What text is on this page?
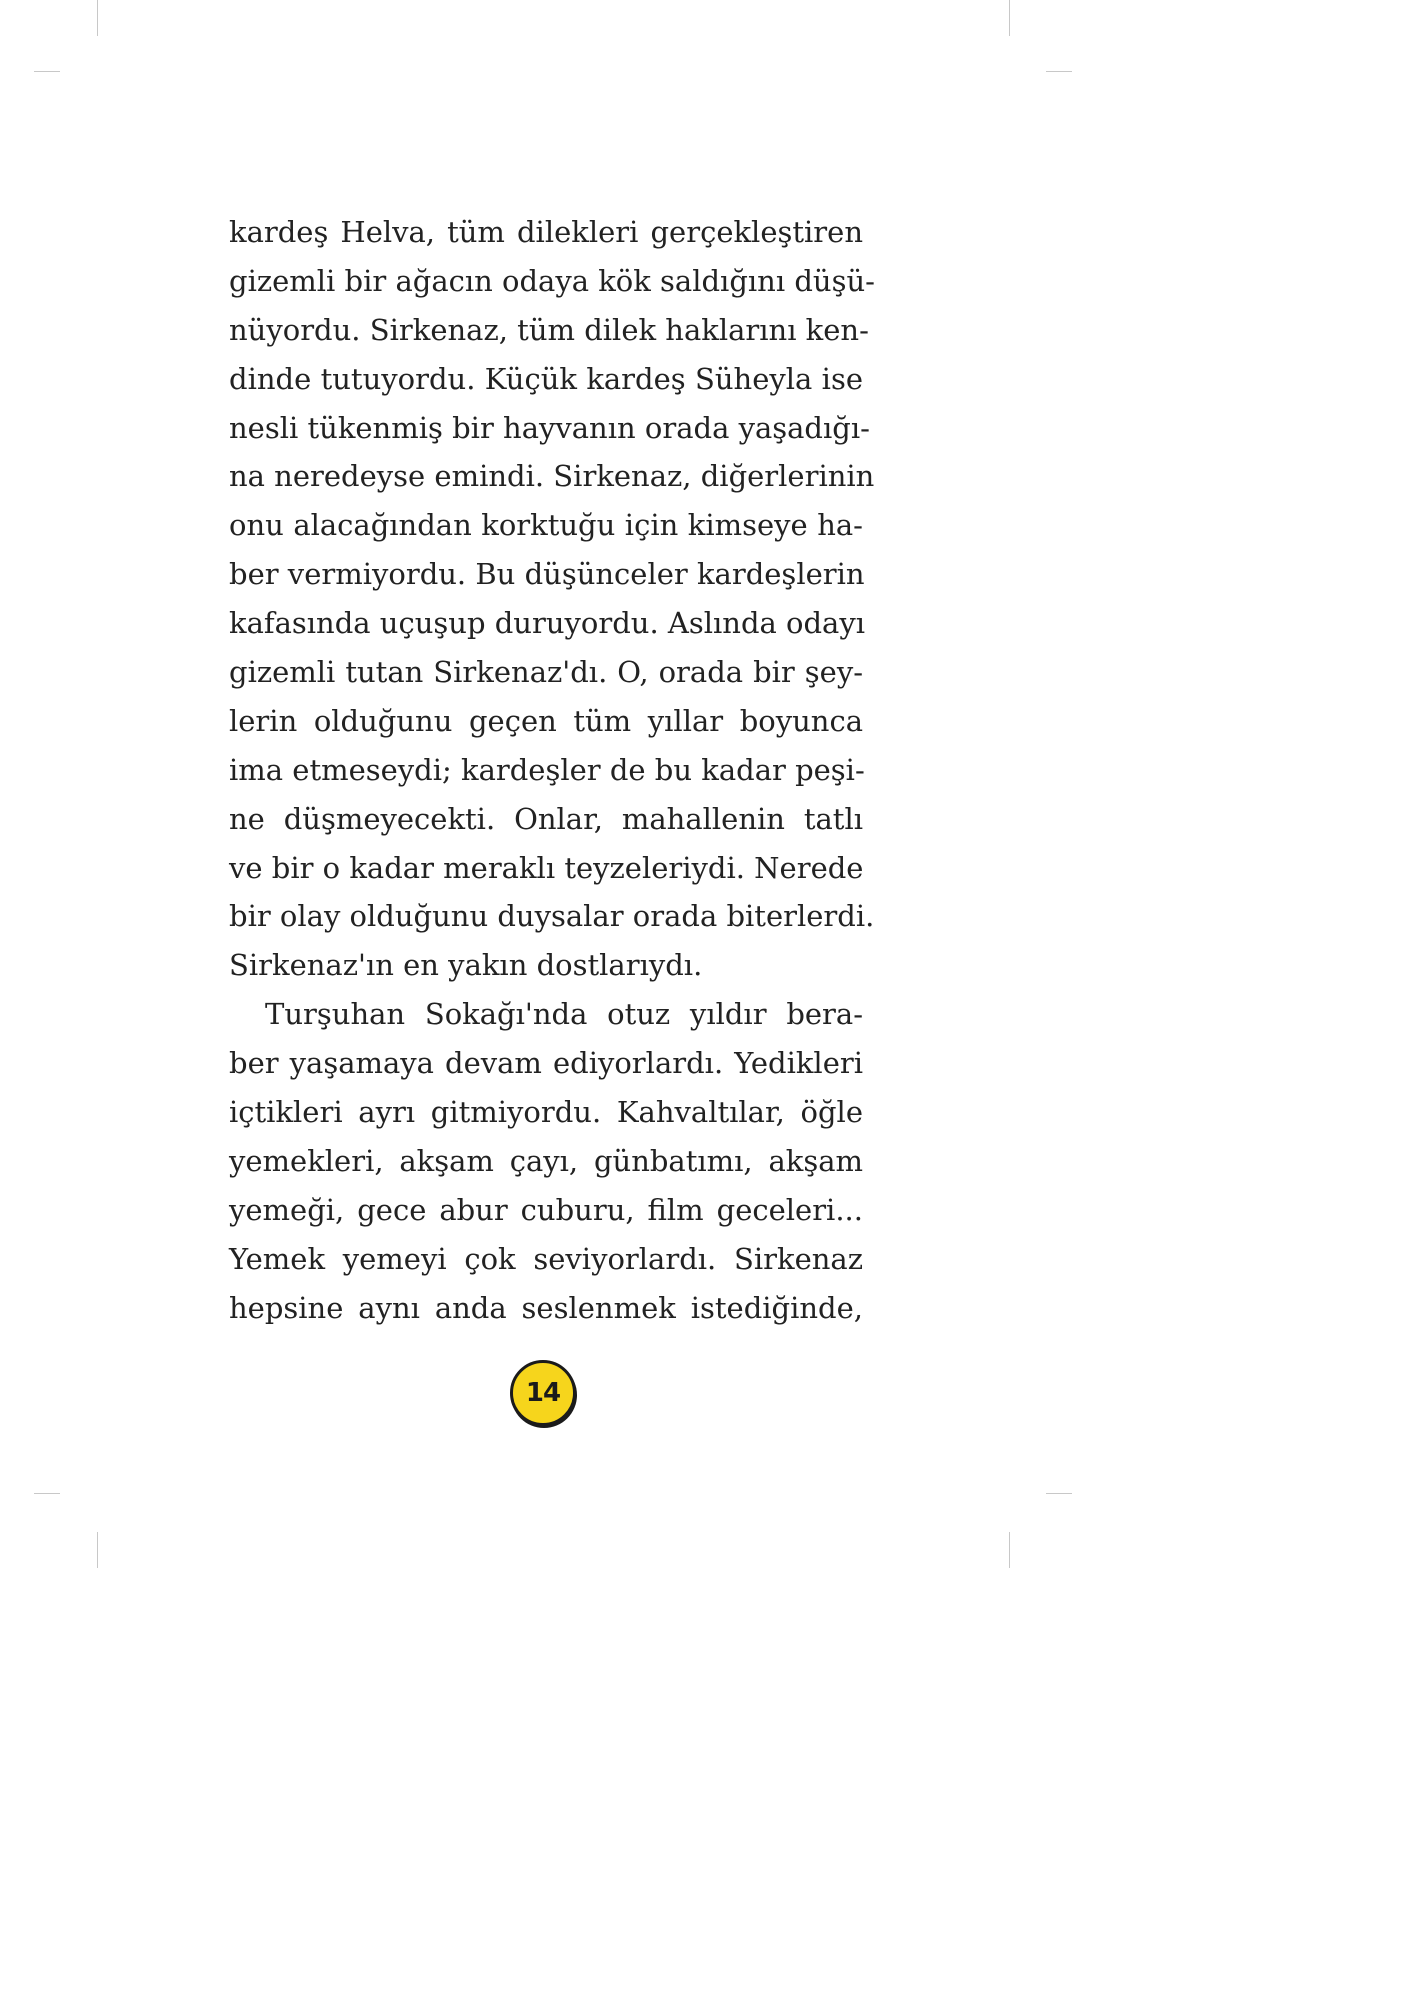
kardeş Helva, tüm dilekleri gerçekleştiren
gizemli bir ağacın odaya kök saldığını düşü-
nüyordu. Sirkenaz, tüm dilek haklarını ken-
dinde tutuyordu. Küçük kardeş Süheyla ise
nesli tükenmiş bir hayvanın orada yaşadığı-
na neredeyse emindi. Sirkenaz, diğerlerinin
onu alacağından korktuğu için kimseye ha-
ber vermiyordu. Bu düşünceler kardeşlerin
kafasında uçuşup duruyordu. Aslında odayı
gizemli tutan Sirkenaz'dı. O, orada bir şey-
lerin olduğunu geçen tüm yıllar boyunca
ima etmeseydi; kardeşler de bu kadar peşi-
ne düşmeyecekti. Onlar, mahallenin tatlı
ve bir o kadar meraklı teyzeleriydi. Nerede
bir olay olduğunu duysalar orada biterlerdi.
Sirkenaz'ın en yakın dostlarıydı.
Turşuhan Sokağı'nda otuz yıldır bera-
ber yaşamaya devam ediyorlardı. Yedikleri
içtikleri ayrı gitmiyordu. Kahvaltılar, öğle
yemekleri, akşam çayı, günbatımı, akşam
yemeği, gece abur cuburu, film geceleri...
Yemek yemeyi çok seviyorlardı. Sirkenaz
hepsine aynı anda seslenmek istediğinde,
14
